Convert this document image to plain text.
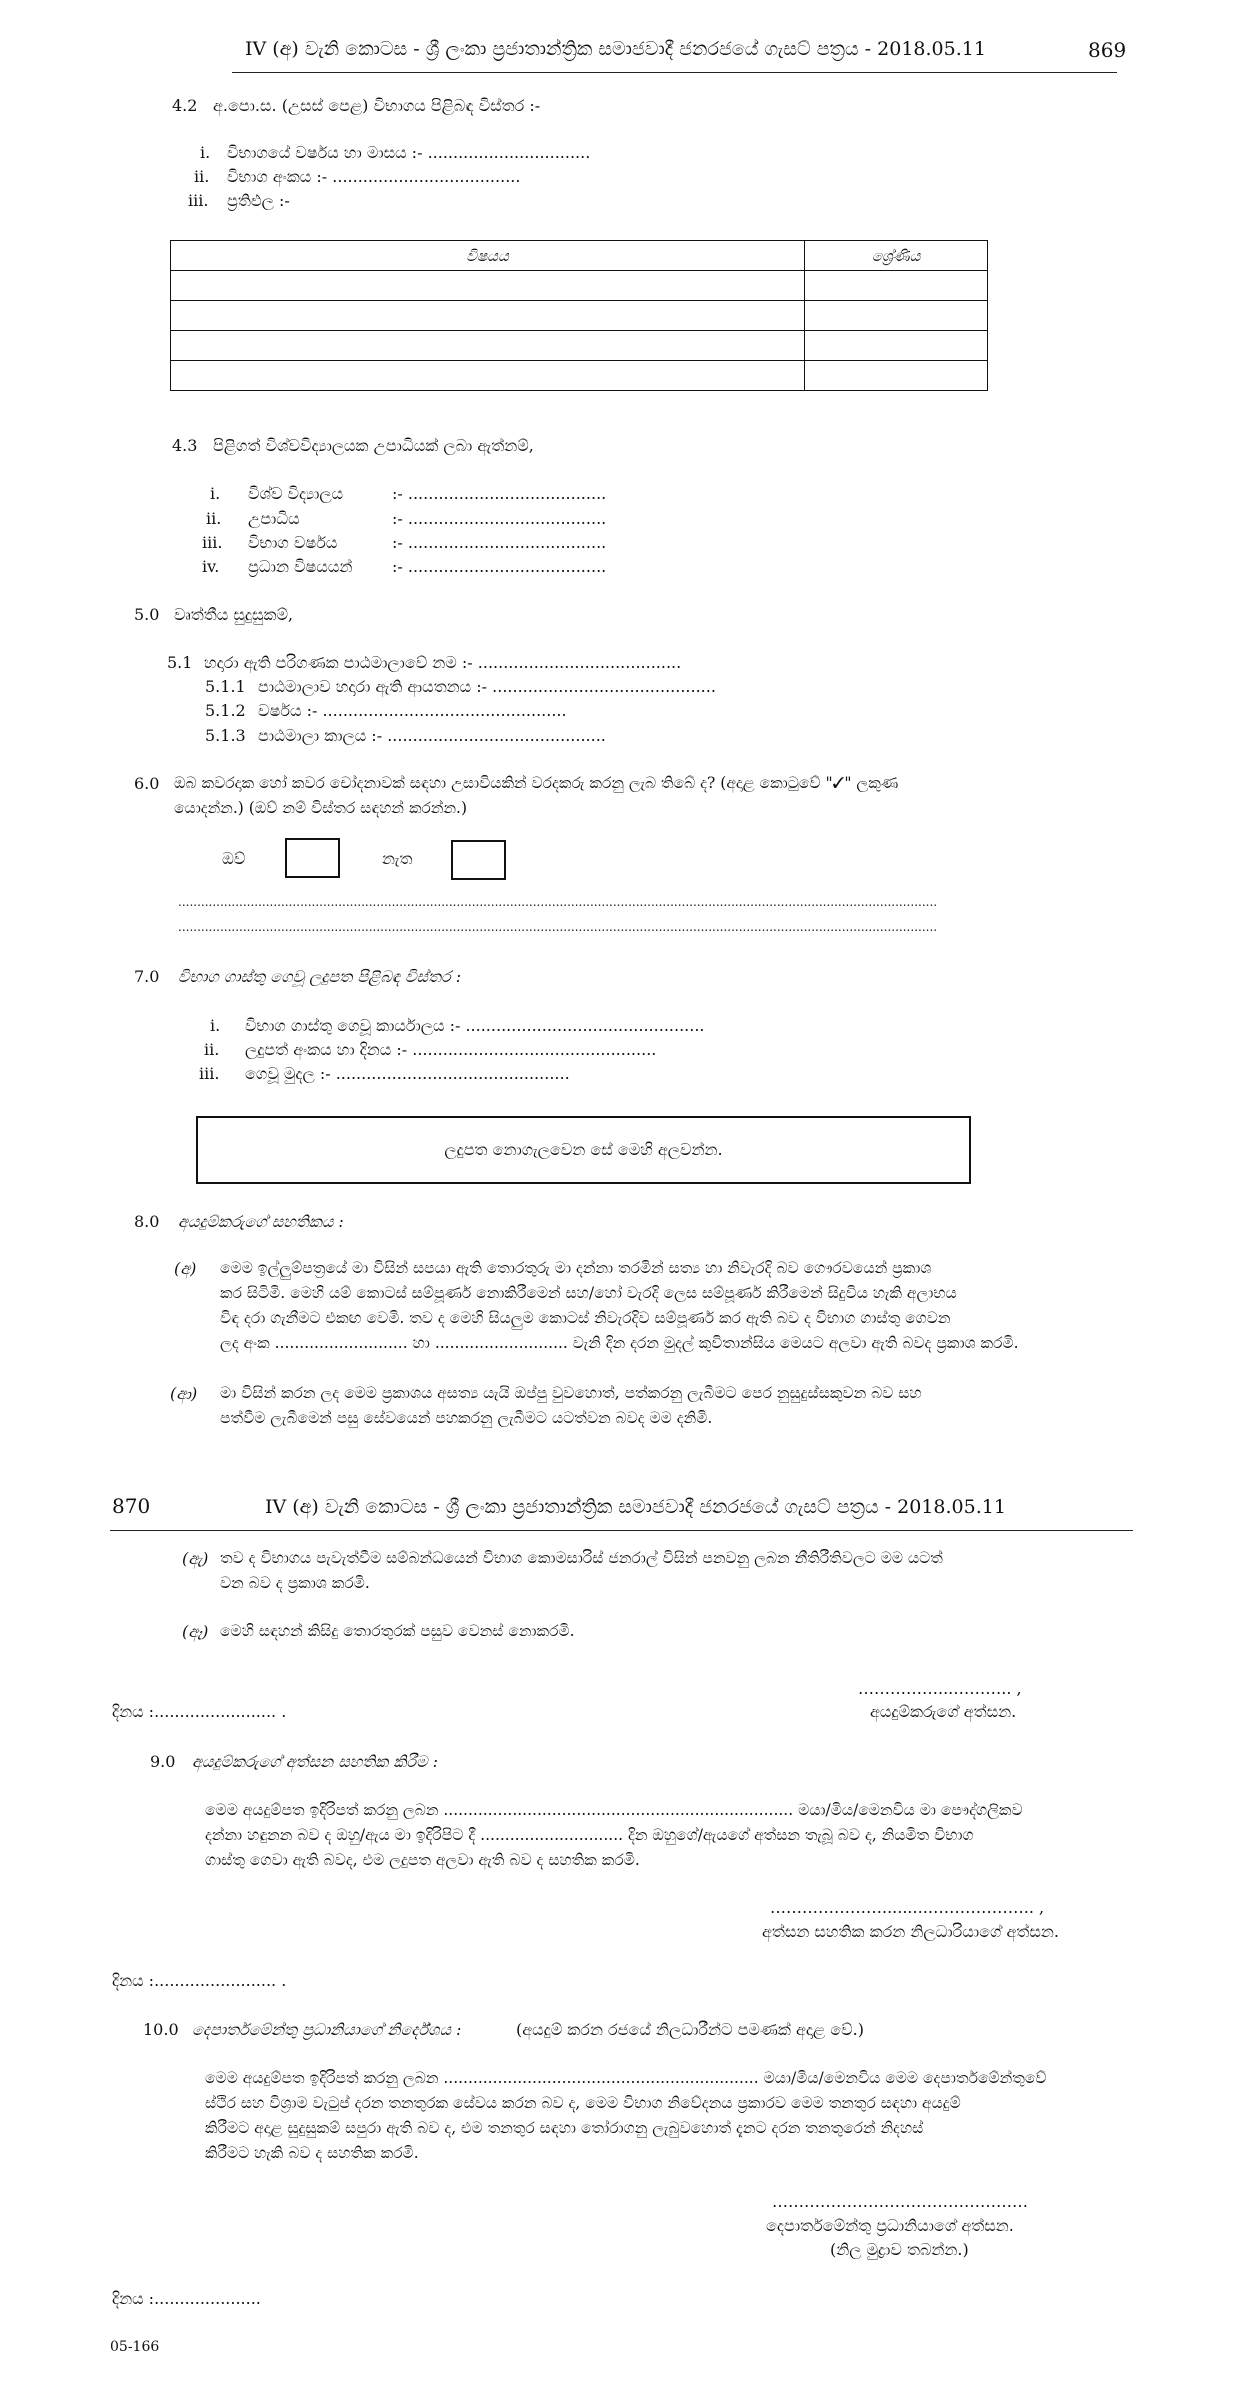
IV (අ) වැනි කොටස - ශ්‍රී ලංකා ප්‍රජාතාන්ත්‍රික සමාජවාදී ජනරජයේ ගැසට් පත්‍රය - 2018.05.11	869
4.2 අ.පො.ස. (උසස් පෙළ) විභාගය පිළිබඳ විස්තර :-
i. විභාගයේ වර්ෂය හා මාසය :- ................................
ii. විභාග අංකය :- .....................................
iii. ප්‍රතිඵල :-
විෂයය	ශ්‍රේණිය

4.3 පිළිගත් විශ්වවිද්‍යාලයක උපාධියක් ලබා ඇත්නම්,
i. විශ්ව විද්‍යාලය	:- .......................................
ii. උපාධිය	:- .......................................
iii. විභාග වර්ෂය	:- .......................................
iv. ප්‍රධාන විෂයයන් :- .......................................
5.0 වෘත්තීය සුදුසුකම්,
5.1 හදාරා ඇති පරිගණක පාඨමාලාවේ නම :- ........................................
5.1.1 පාඨමාලාව හදාරා ඇති ආයතනය :- ............................................
5.1.2 වර්ෂය :- ................................................
5.1.3 පාඨමාලා කාලය :- ...........................................
6.0 ඔබ කවරදාක හෝ කවර චෝදනාවක් සඳහා උසාවියකින් වරදකරු කරනු ලැබ තිබේ ද? (අදාළ කොටුවේ "✓" ලකුණ
යොදන්න.) (ඔව් නම් විස්තර සඳහන් කරන්න.)
ඔව්	නැත
.......................................................................................................................................................................................................
.......................................................................................................................................................................................................
7.0 විභාග ගාස්තු ගෙවූ ලදුපත පිළිබඳ විස්තර :
i. විභාග ගාස්තු ගෙවූ කාර්යාලය :- ...............................................
ii. ලදුපත් අංකය හා දිනය :- ................................................
iii. ගෙවූ මුදල :- ..............................................
ලදුපත නොගැලවෙන සේ මෙහි අලවන්න.
8.0 අයදුම්කරුගේ සහතිකය :
(අ) මෙම ඉල්ලුම්පත්‍රයේ මා විසින් සපයා ඇති තොරතුරු මා දන්නා තරමින් සත්‍ය හා නිවැරදි බව ගෞරවයෙන් ප්‍රකාශ
කර සිටිමි. මෙහි යම් කොටස් සම්පූර්ණ නොකිරීමෙන් සහ/හෝ වැරදි ලෙස සම්පූර්ණ කිරීමෙන් සිදුවිය හැකි අලාභය
විඳ දරා ගැනීමට එකඟ වෙමි. තව ද මෙහි සියලුම කොටස් නිවැරදිව සම්පූර්ණ කර ඇති බව ද විභාග ගාස්තු ගෙවන
ලද අංක ........................... හා ........................... වැනි දින දරන මුදල් කුවිතාන්සිය මෙයට අලවා ඇති බවද ප්‍රකාශ කරමි.
(ආ) මා විසින් කරන ලද මෙම ප්‍රකාශය අසත්‍ය යැයි ඔප්පු වුවහොත්, පත්කරනු ලැබීමට පෙර නුසුදුස්සකුවන බව සහ
පත්වීම ලැබීමෙන් පසු සේවයෙන් පහකරනු ලැබීමට යටත්වන බවද මම දනිමි.
870	IV (අ) වැනි කොටස - ශ්‍රී ලංකා ප්‍රජාතාන්ත්‍රික සමාජවාදී ජනරජයේ ගැසට් පත්‍රය - 2018.05.11
(ඇ) තව ද විභාගය පැවැත්වීම සම්බන්ධයෙන් විභාග කොමසාරිස් ජනරාල් විසින් පනවනු ලබන නීතිරීතිවලට මම යටත්
වන බව ද ප්‍රකාශ කරමි.
(ඈ) මෙහි සඳහන් කිසිදු තොරතුරක් පසුව වෙනස් නොකරමි.
……………...……….. ,
දිනය :........................ .	අයදුම්කරුගේ අත්සන.
9.0 අයදුම්කරුගේ අත්සන සහතික කිරීම :
මෙම අයදුම්පත ඉදිරිපත් කරනු ලබන ....................................................................... මයා/මිය/මෙනවිය මා පෞද්ගලිකව
දන්නා හඳුනන බව ද ඔහු/ඇය මා ඉදිරිපිට දී ............................. දින ඔහුගේ/ඇයගේ අත්සන තැබූ බව ද, නියමිත විභාග
ගාස්තු ගෙවා ඇති බවද, එම ලදුපත අලවා ඇති බව ද සහතික කරමි.
………………….........……………….. ,
අත්සන සහතික කරන නිලධාරියාගේ අත්සන.
දිනය :........................ .
10.0 දෙපාර්තමේන්තු ප්‍රධානියාගේ නිර්දේශය :	(අයදුම් කරන රජයේ නිලධාරීන්ට පමණක් අදාළ වේ.)
මෙම අයදුම්පත ඉදිරිපත් කරනු ලබන ................................................................ මයා/මිය/මෙනවිය මෙම දෙපාර්තමේන්තුවේ
ස්ථිර සහ විශ්‍රාම වැටුප් දරන තනතුරක සේවය කරන බව ද, මෙම විභාග නිවේදනය ප්‍රකාරව මෙම තනතුර සඳහා අයදුම්
කිරීමට අදාළ සුදුසුකම් සපුරා ඇති බව ද, එම තනතුර සඳහා තෝරාගනු ලැබුවහොත් දැනට දරන තනතුරෙන් නිදහස්
කිරීමට හැකි බව ද සහතික කරමි.
…………………………………………
දෙපාර්තමේන්තු ප්‍රධානියාගේ අත්සන.
(නිල මුද්‍රාව තබන්න.)
දිනය :.....................
05-166
